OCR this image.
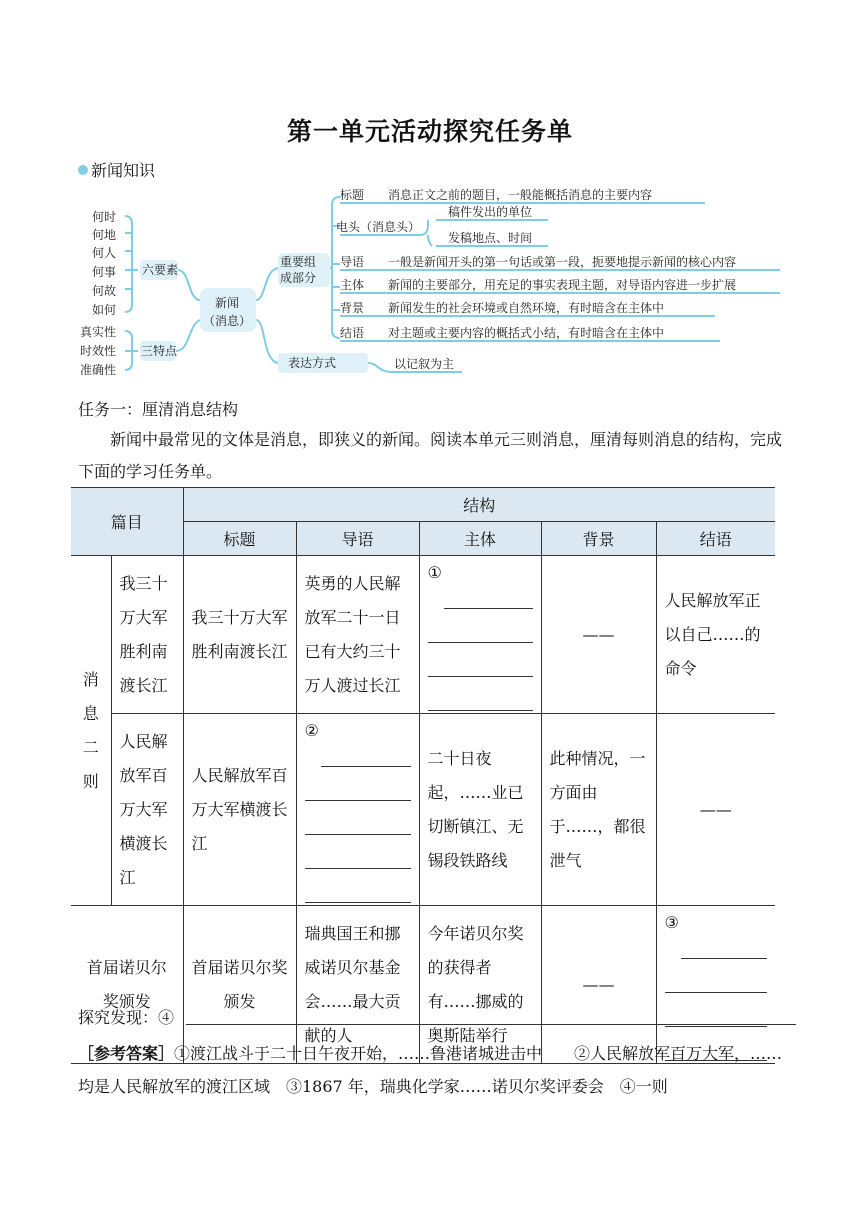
第一单元活动探究任务单
新闻知识
何时
何地
何人
何事
何故
如何
真实性
时效性
准确性
六要素
三特点
新闻
（消息）
重要组
成部分
标题 消息正文之前的题目，一般能概括消息的主要内容
电头（消息头）
稿件发出的单位
发稿地点、时间
导语 一般是新闻开头的第一句话或第一段，扼要地提示新闻的核心内容
主体 新闻的主要部分，用充足的事实表现主题，对导语内容进一步扩展
背景 新闻发生的社会环境或自然环境，有时暗含在主体中
结语 对主题或主要内容的概括式小结，有时暗含在主体中
表达方式	以记叙为主
任务一：厘清消息结构
新闻中最常见的文体是消息，即狭义的新闻。阅读本单元三则消息，厘清每则消息的结构，完成下面的学习任务单。
篇目		结构				
		标题	导语	主体	背景	结语

消
息
二
则	我三十万大军胜利南渡长江	我三十万大军胜利南渡长江	英勇的人民解放军二十一日已有大约三十万人渡过长江	①	——	人民解放军正以自己……的命令

	人民解放军百万大军横渡长江	人民解放军百万大军横渡长江	②	二十日夜起，……业已切断镇江、无锡段铁路线	此种情况，一方面由于……，都很泄气	——

首届诺贝尔奖颁发		首届诺贝尔奖颁发	瑞典国王和挪威诺贝尔基金会……最大贡献的人	今年诺贝尔奖的获得者有……挪威的奥斯陆举行	——	③
探究发现：④
［参考答案］①渡江战斗于二十日午夜开始，……鲁港诸城进击中　　②人民解放军百万大军，……均是人民解放军的渡江区域　③1867 年，瑞典化学家……诺贝尔奖评委会　④一则
